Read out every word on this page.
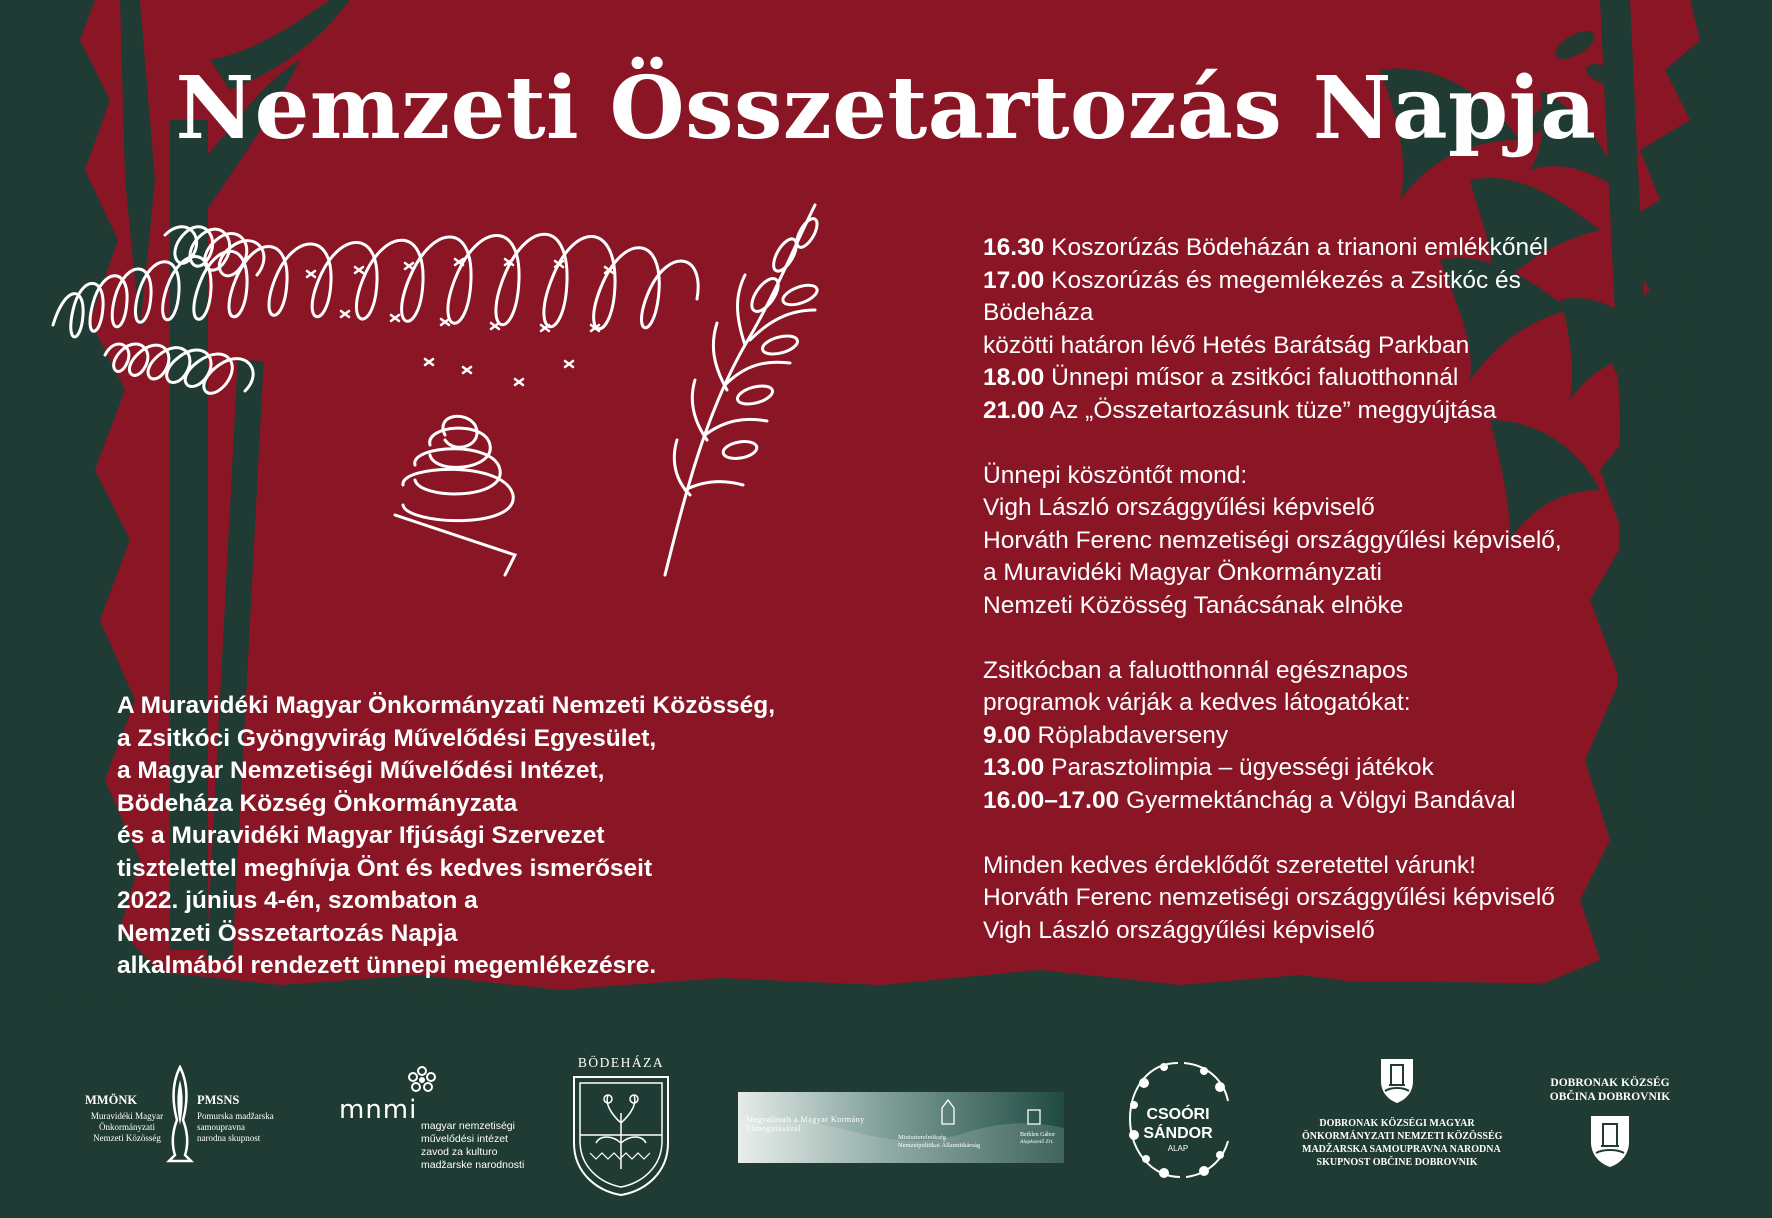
Nemzeti Összetartozás Napja
A Muravidéki Magyar Önkormányzati Nemzeti Közösség,
a Zsitkóci Gyöngyvirág Művelődési Egyesület,
a Magyar Nemzetiségi Művelődési Intézet,
Bödeháza Község Önkormányzata
és a Muravidéki Magyar Ifjúsági Szervezet
tisztelettel meghívja Önt és kedves ismerőseit
2022. június 4-én, szombaton a
Nemzeti Összetartozás Napja
alkalmából rendezett ünnepi megemlékezésre.
16.30 Koszorúzás Bödeházán a trianoni emlékkőnél
17.00 Koszorúzás és megemlékezés a Zsitkóc és
Bödeháza
közötti határon lévő Hetés Barátság Parkban
18.00 Ünnepi műsor a zsitkóci faluotthonnál
21.00 Az „Összetartozásunk tüze” meggyújtása
Ünnepi köszöntőt mond:
Vigh László országgyűlési képviselő
Horváth Ferenc nemzetiségi országgyűlési képviselő,
a Muravidéki Magyar Önkormányzati
Nemzeti Közösség Tanácsának elnöke
Zsitkócban a faluotthonnál egésznapos
programok várják a kedves látogatókat:
9.00 Röplabdaverseny
13.00 Parasztolimpia – ügyességi játékok
16.00–17.00 Gyermektánchág a Völgyi Bandával
Minden kedves érdeklődőt szeretettel várunk!
Horváth Ferenc nemzetiségi országgyűlési képviselő
Vigh László országgyűlési képviselő
MMÖNK	PMSNS
Muravidéki Magyar
Önkormányzati
Nemzeti Közösség
Pomurska madžarska
samoupravna
narodna skupnost
mnmi
magyar nemzetiségi
művelődési intézet
zavod za kulturo
madžarske narodnosti
BÖDEHÁZA
Megvalósult a Magyar Kormány
Támogatásával
Miniszterelnökség
Nemzetpolitikai Államtitkárság
Bethlen Gábor
Alapkezelő Zrt.
CSOÓRI
SÁNDOR
ALAP
DOBRONAK KÖZSÉGI MAGYAR
ÖNKORMÁNYZATI NEMZETI KÖZÖSSÉG
MADŽARSKA SAMOUPRAVNA NARODNA
SKUPNOST OBČINE DOBROVNIK
DOBRONAK KÖZSÉG
OBČINA DOBROVNIK
